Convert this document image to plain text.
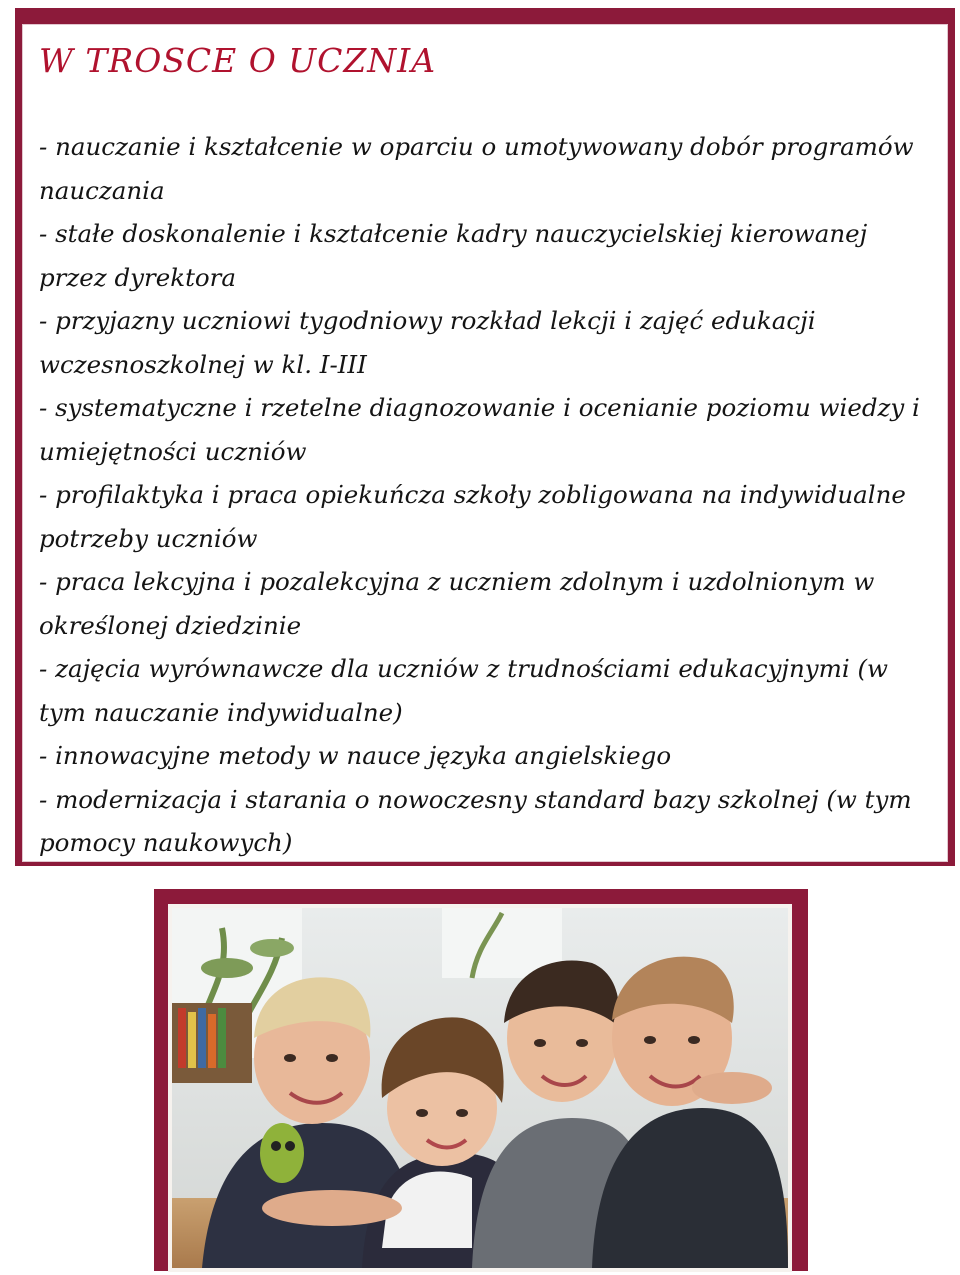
W TROSCE O UCZNIA
- nauczanie i kształcenie w oparciu o umotywowany dobór programów nauczania
- stałe doskonalenie i kształcenie kadry nauczycielskiej kierowanej przez dyrektora
- przyjazny uczniowi tygodniowy rozkład lekcji i zajęć edukacji wczesnoszkolnej w kl. I-III
- systematyczne i rzetelne diagnozowanie i ocenianie poziomu wiedzy i umiejętności uczniów
- profilaktyka i praca opiekuńcza szkoły zobligowana na indywidualne potrzeby uczniów
- praca lekcyjna i pozalekcyjna z uczniem zdolnym i uzdolnionym w określonej dziedzinie
- zajęcia wyrównawcze dla uczniów z trudnościami edukacyjnymi (w tym nauczanie indywidualne)
- innowacyjne metody w nauce języka angielskiego
- modernizacja i starania o nowoczesny standard bazy szkolnej (w tym pomocy naukowych)
